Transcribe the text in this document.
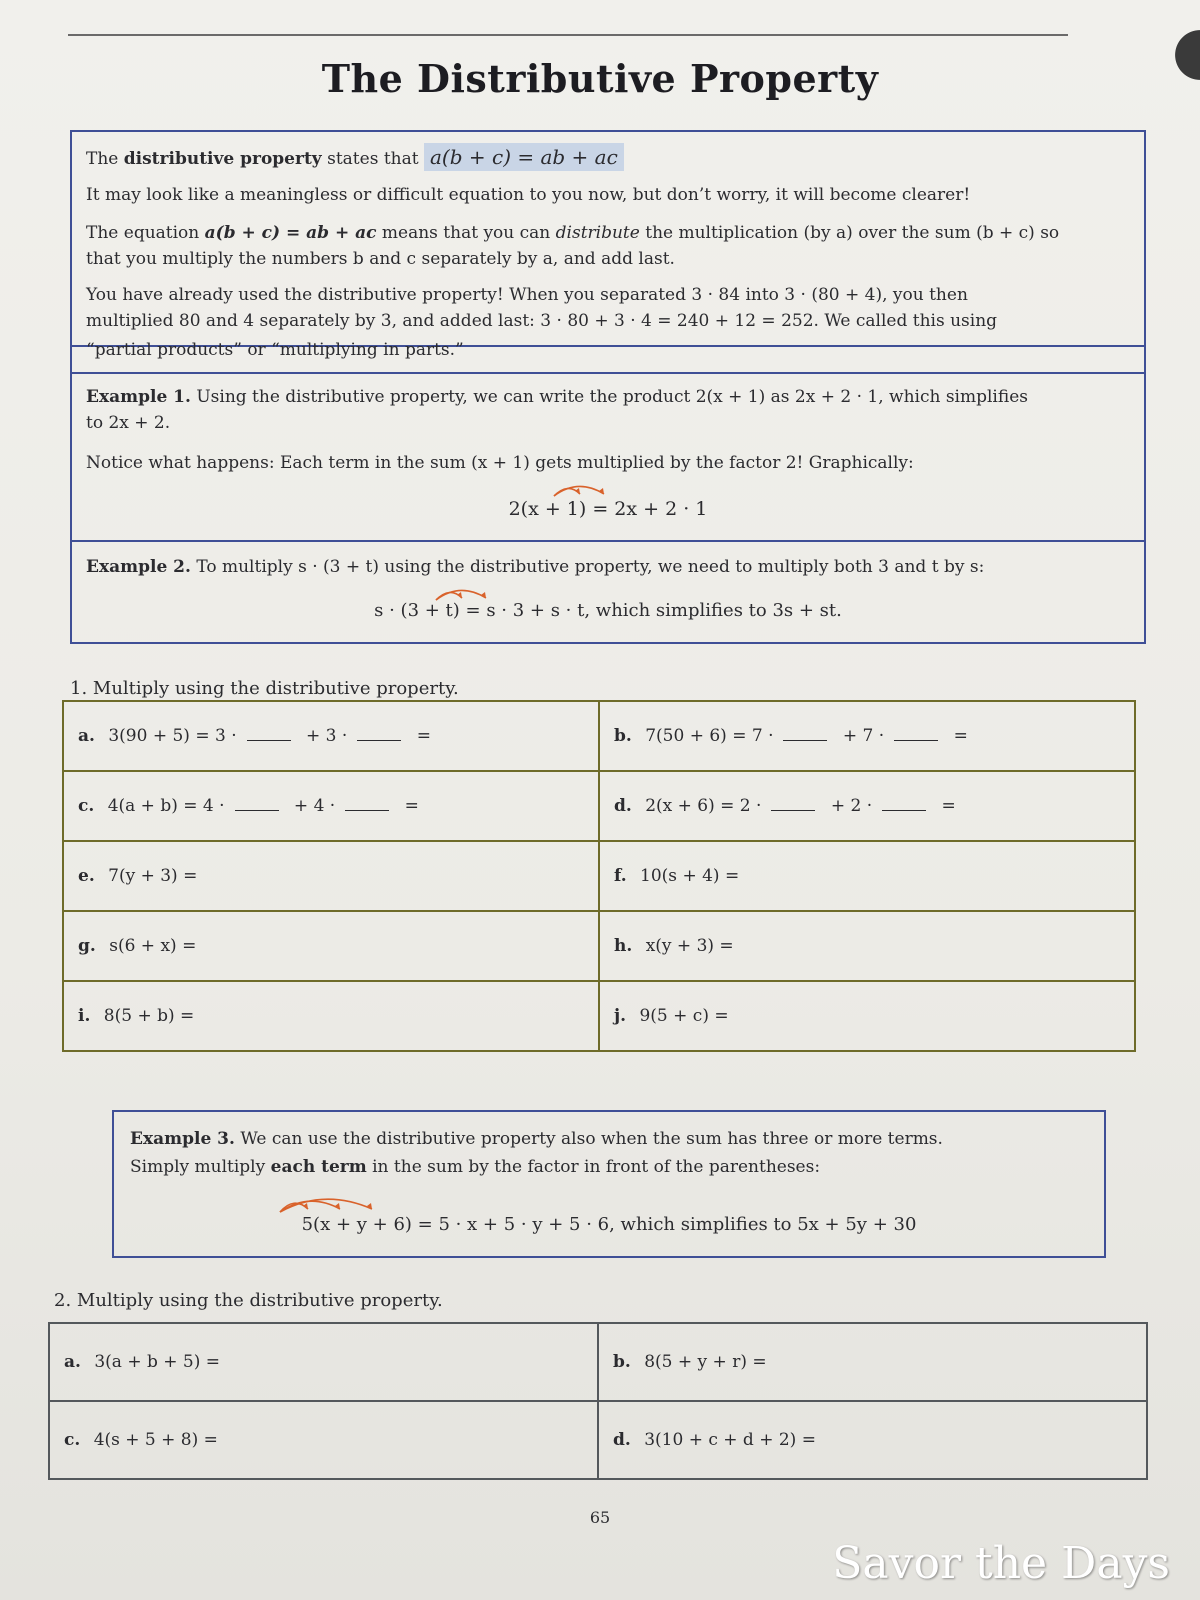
The Distributive Property

The distributive property states that a(b + c) = ab + ac

It may look like a meaningless or difficult equation to you now, but don’t worry, it will become clearer!

The equation a(b + c) = ab + ac means that you can distribute the multiplication (by a) over the sum (b + c) so

that you multiply the numbers b and c separately by a, and add last.

You have already used the distributive property! When you separated 3 · 84 into 3 · (80 + 4), you then

multiplied 80 and 4 separately by 3, and added last: 3 · 80 + 3 · 4 = 240 + 12 = 252. We called this using

“partial products” or “multiplying in parts.”

Example 1. Using the distributive property, we can write the product 2(x + 1) as 2x + 2 · 1, which simplifies

to 2x + 2.

Notice what happens: Each term in the sum (x + 1) gets multiplied by the factor 2! Graphically:

2(x + 1) = 2x + 2 · 1

Example 2. To multiply s · (3 + t) using the distributive property, we need to multiply both 3 and t by s:

s · (3 + t) = s · 3 + s · t, which simplifies to 3s + st.
1. Multiply using the distributive property.
a. 3(90 + 5) = 3 · + 3 · =	b. 7(50 + 6) = 7 · + 7 · =
c. 4(a + b) = 4 · + 4 · =	d. 2(x + 6) = 2 · + 2 · =
e. 7(y + 3) =	f. 10(s + 4) =
g. s(6 + x) =	h. x(y + 3) =
i. 8(5 + b) =	j. 9(5 + c) =

Example 3. We can use the distributive property also when the sum has three or more terms.

Simply multiply each term in the sum by the factor in front of the parentheses:

5(x + y + 6) = 5 · x + 5 · y + 5 · 6, which simplifies to 5x + 5y + 30
2. Multiply using the distributive property.
a. 3(a + b + 5) =	b. 8(5 + y + r) =
c. 4(s + 5 + 8) =	d. 3(10 + c + d + 2) =
65
Savor the Days
